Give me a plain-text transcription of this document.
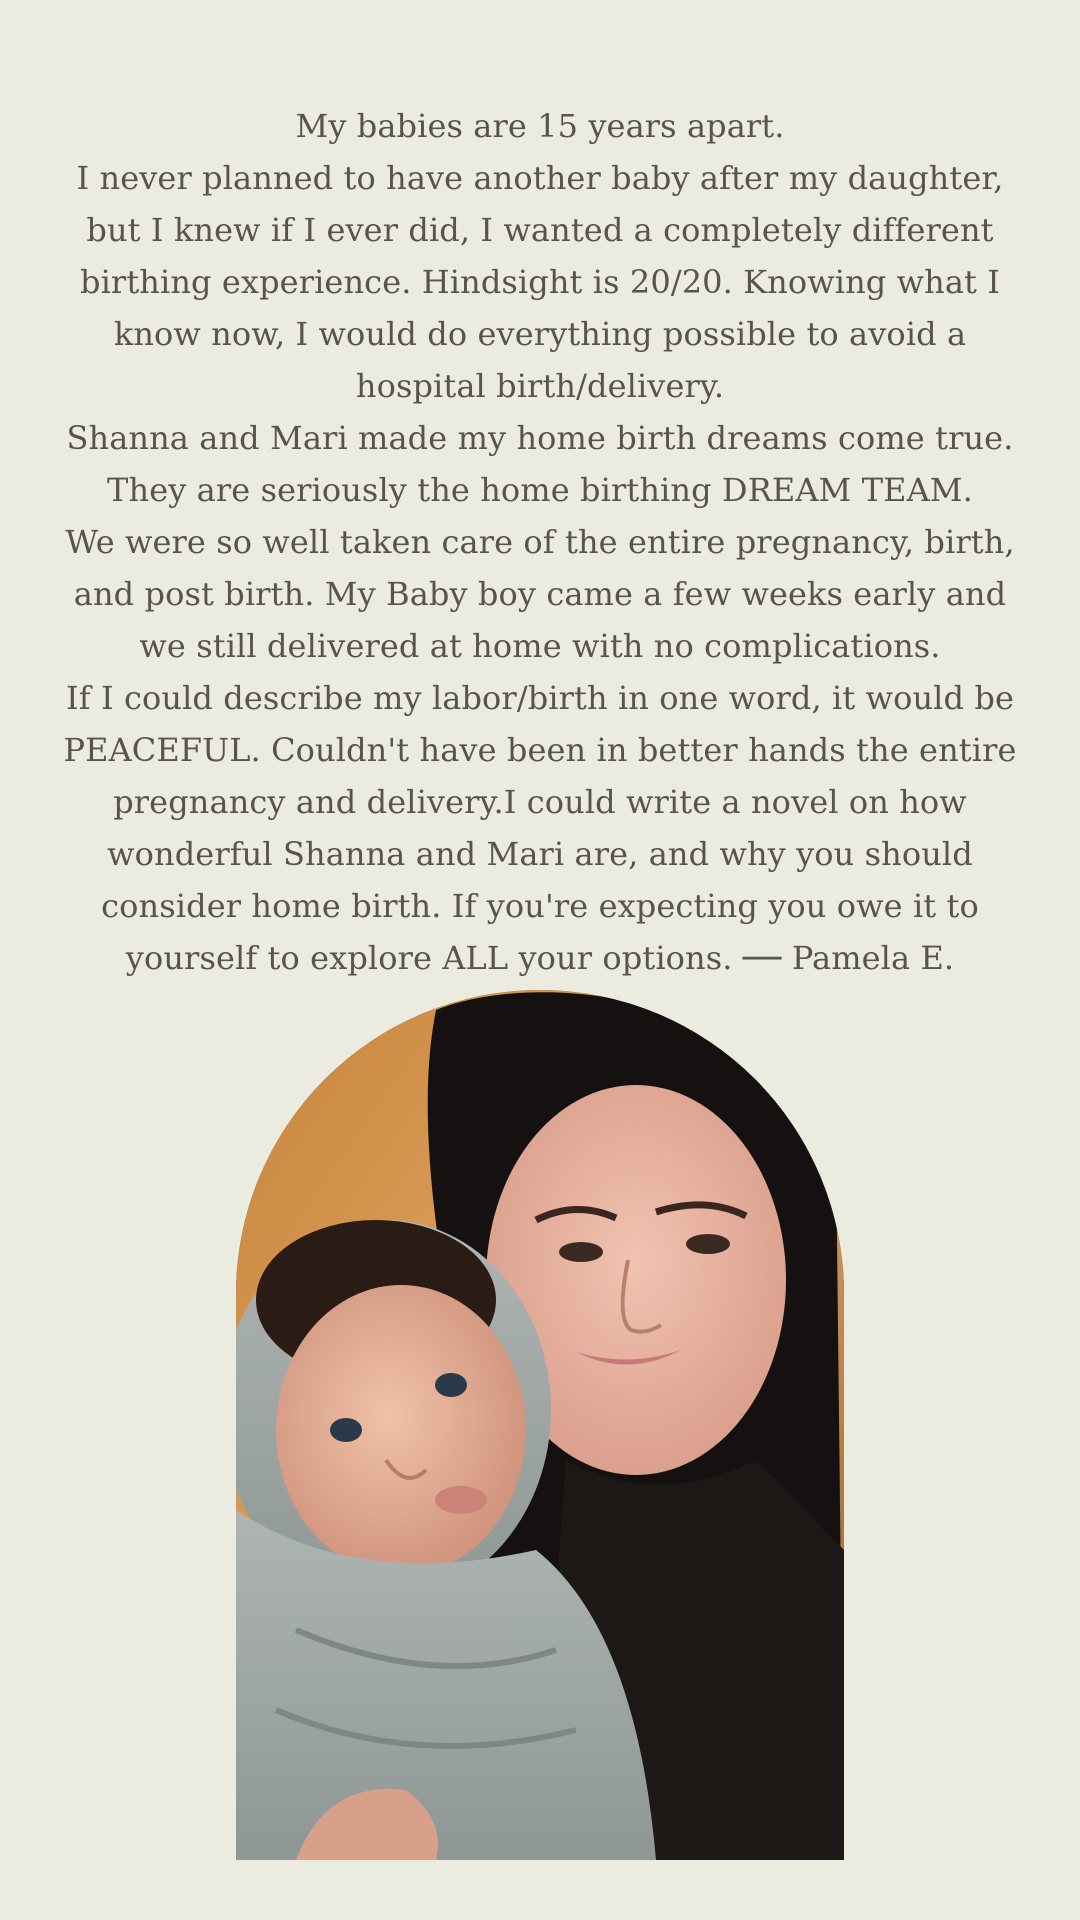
My babies are 15 years apart.

I never planned to have another baby after my daughter, but I knew if I ever did, I wanted a completely different birthing experience. Hindsight is 20/20. Knowing what I know now, I would do everything possible to avoid a hospital birth/delivery.

Shanna and Mari made my home birth dreams come true. They are seriously the home birthing DREAM TEAM.

We were so well taken care of the entire pregnancy, birth, and post birth. My Baby boy came a few weeks early and we still delivered at home with no complications.

If I could describe my labor/birth in one word, it would be PEACEFUL. Couldn't have been in better hands the entire pregnancy and delivery.I could write a novel on how wonderful Shanna and Mari are, and why you should consider home birth. If you're expecting you owe it to yourself to explore ALL your options. ── Pamela E.
